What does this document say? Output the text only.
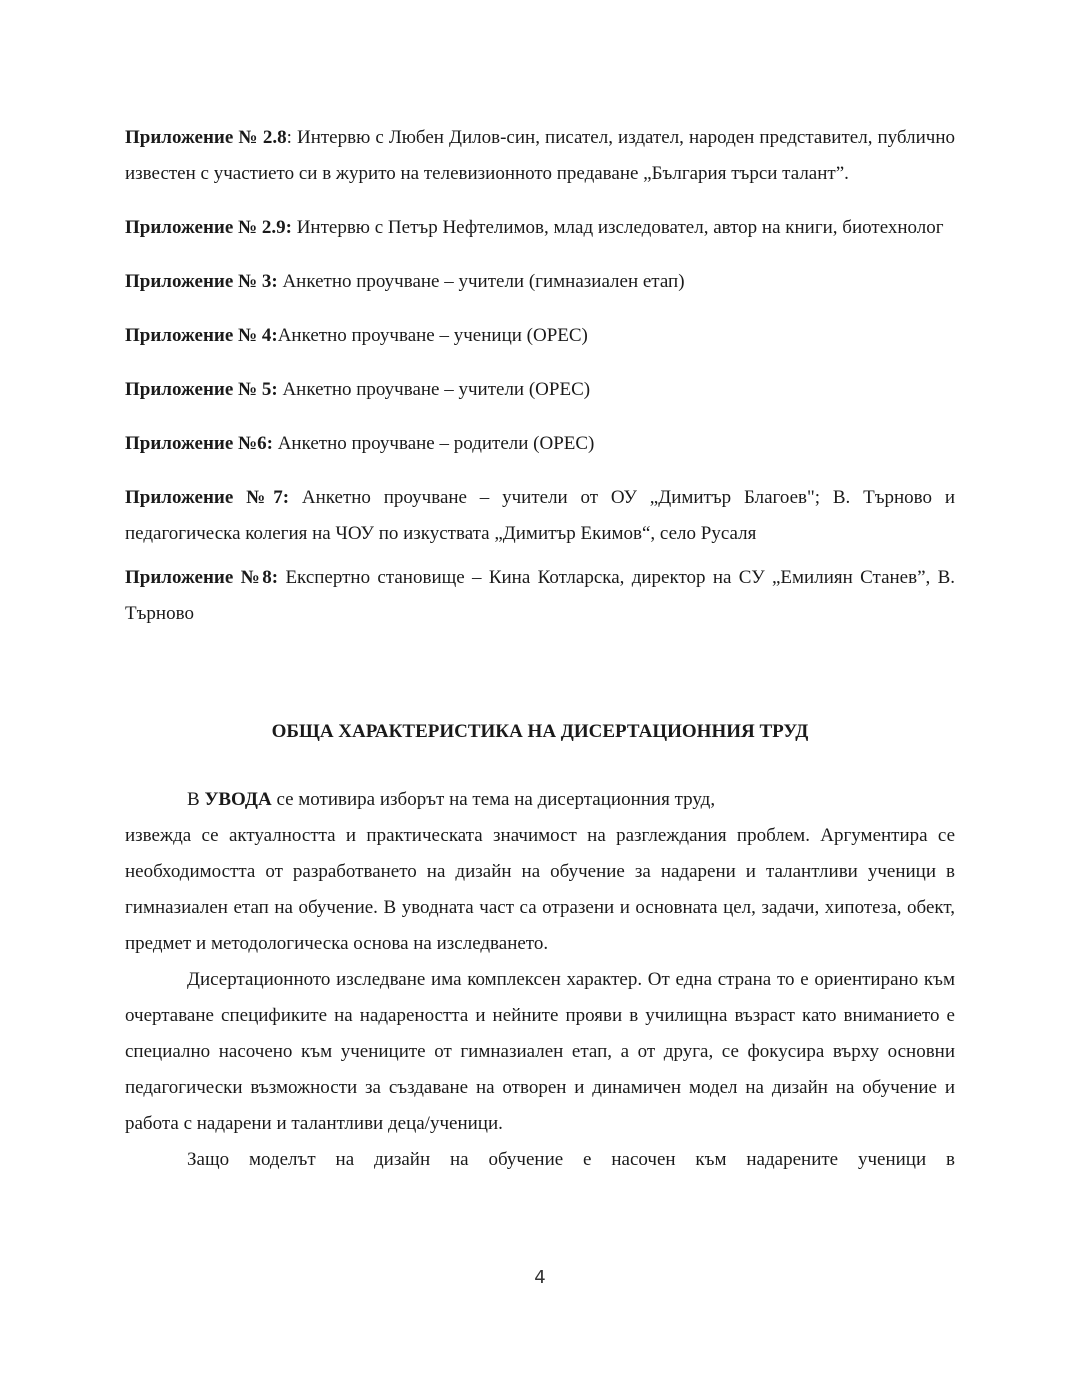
Приложение № 2.8: Интервю с Любен Дилов-син, писател, издател, народен представител, публично известен с участието си в журито на телевизионното предаване „България търси талант”.

Приложение № 2.9: Интервю с Петър Нефтелимов, млад изследовател, автор на книги, биотехнолог

Приложение № 3: Анкетно проучване – учители (гимназиален етап)

Приложение № 4:Анкетно проучване – ученици (ОРЕС)

Приложение № 5: Анкетно проучване – учители (ОРЕС)

Приложение №6: Анкетно проучване – родители (ОРЕС)

Приложение №7: Анкетно проучване – учители от ОУ „Димитър Благоев"; В. Търново и педагогическа колегия на ЧОУ по изкуствата „Димитър Екимов“, село Русаля

Приложение №8: Експертно становище – Кина Котларска, директор на СУ „Емилиян Станев”, В. Търново

ОБЩА ХАРАКТЕРИСТИКА НА ДИСЕРТАЦИОННИЯ ТРУД

В УВОДА се мотивира изборът на тема на дисертационния труд,

извежда се актуалността и практическата значимост на разглеждания проблем. Аргументира се необходимостта от разработването на дизайн на обучение за надарени и талантливи ученици в гимназиален етап на обучение. В уводната част са отразени и основната цел, задачи, хипотеза, обект, предмет и методологическа основа на изследването.

Дисертационното изследване има комплексен характер. От една страна то е ориентирано към очертаване спецификите на надареността и нейните прояви в училищна възраст като вниманието е специално насочено към учениците от гимназиален етап, а от друга, се фокусира върху основни педагогически възможности за създаване на отворен и динамичен модел на дизайн на обучение и работа с надарени и талантливи деца/ученици.

Защо моделът на дизайн на обучение е насочен към надарените ученици в

4
